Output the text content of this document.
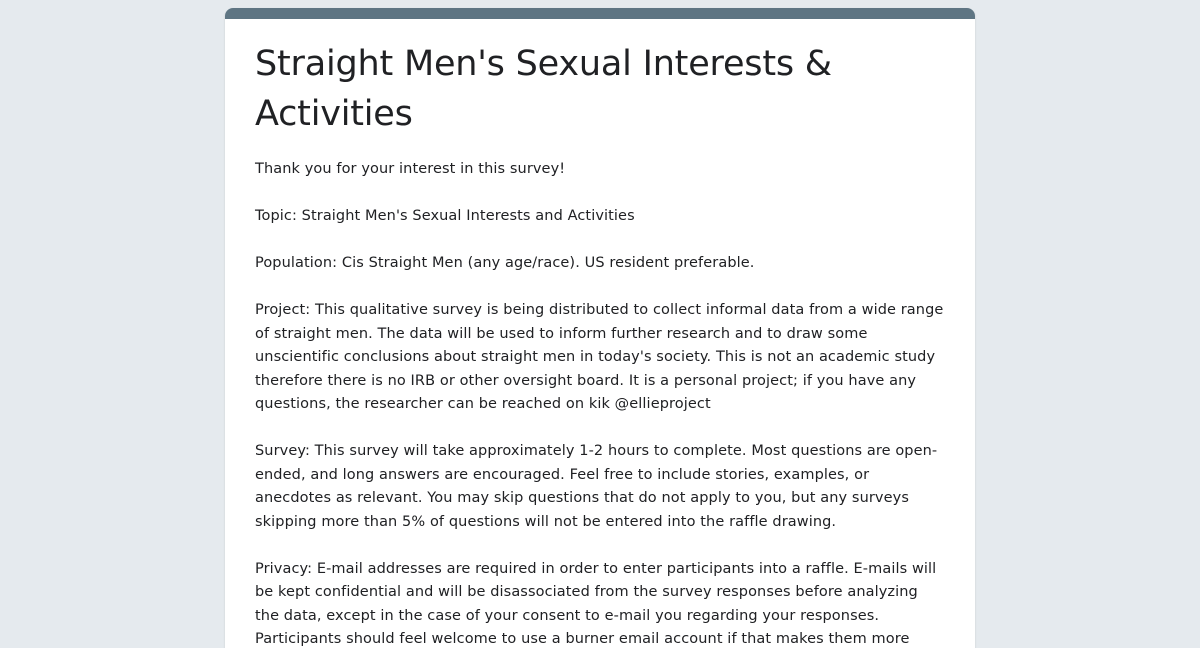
Straight Men's Sexual Interests & Activities

Thank you for your interest in this survey!

Topic: Straight Men's Sexual Interests and Activities

Population: Cis Straight Men (any age/race). US resident preferable.

Project: This qualitative survey is being distributed to collect informal data from a wide range of straight men. The data will be used to inform further research and to draw some unscientific conclusions about straight men in today's society. This is not an academic study therefore there is no IRB or other oversight board. It is a personal project; if you have any questions, the researcher can be reached on kik @ellieproject

Survey: This survey will take approximately 1-2 hours to complete. Most questions are open-ended, and long answers are encouraged. Feel free to include stories, examples, or anecdotes as relevant. You may skip questions that do not apply to you, but any surveys skipping more than 5% of questions will not be entered into the raffle drawing.

Privacy: E-mail addresses are required in order to enter participants into a raffle. E-mails will be kept confidential and will be disassociated from the survey responses before analyzing the data, except in the case of your consent to e-mail you regarding your responses. Participants should feel welcome to use a burner email account if that makes them more
